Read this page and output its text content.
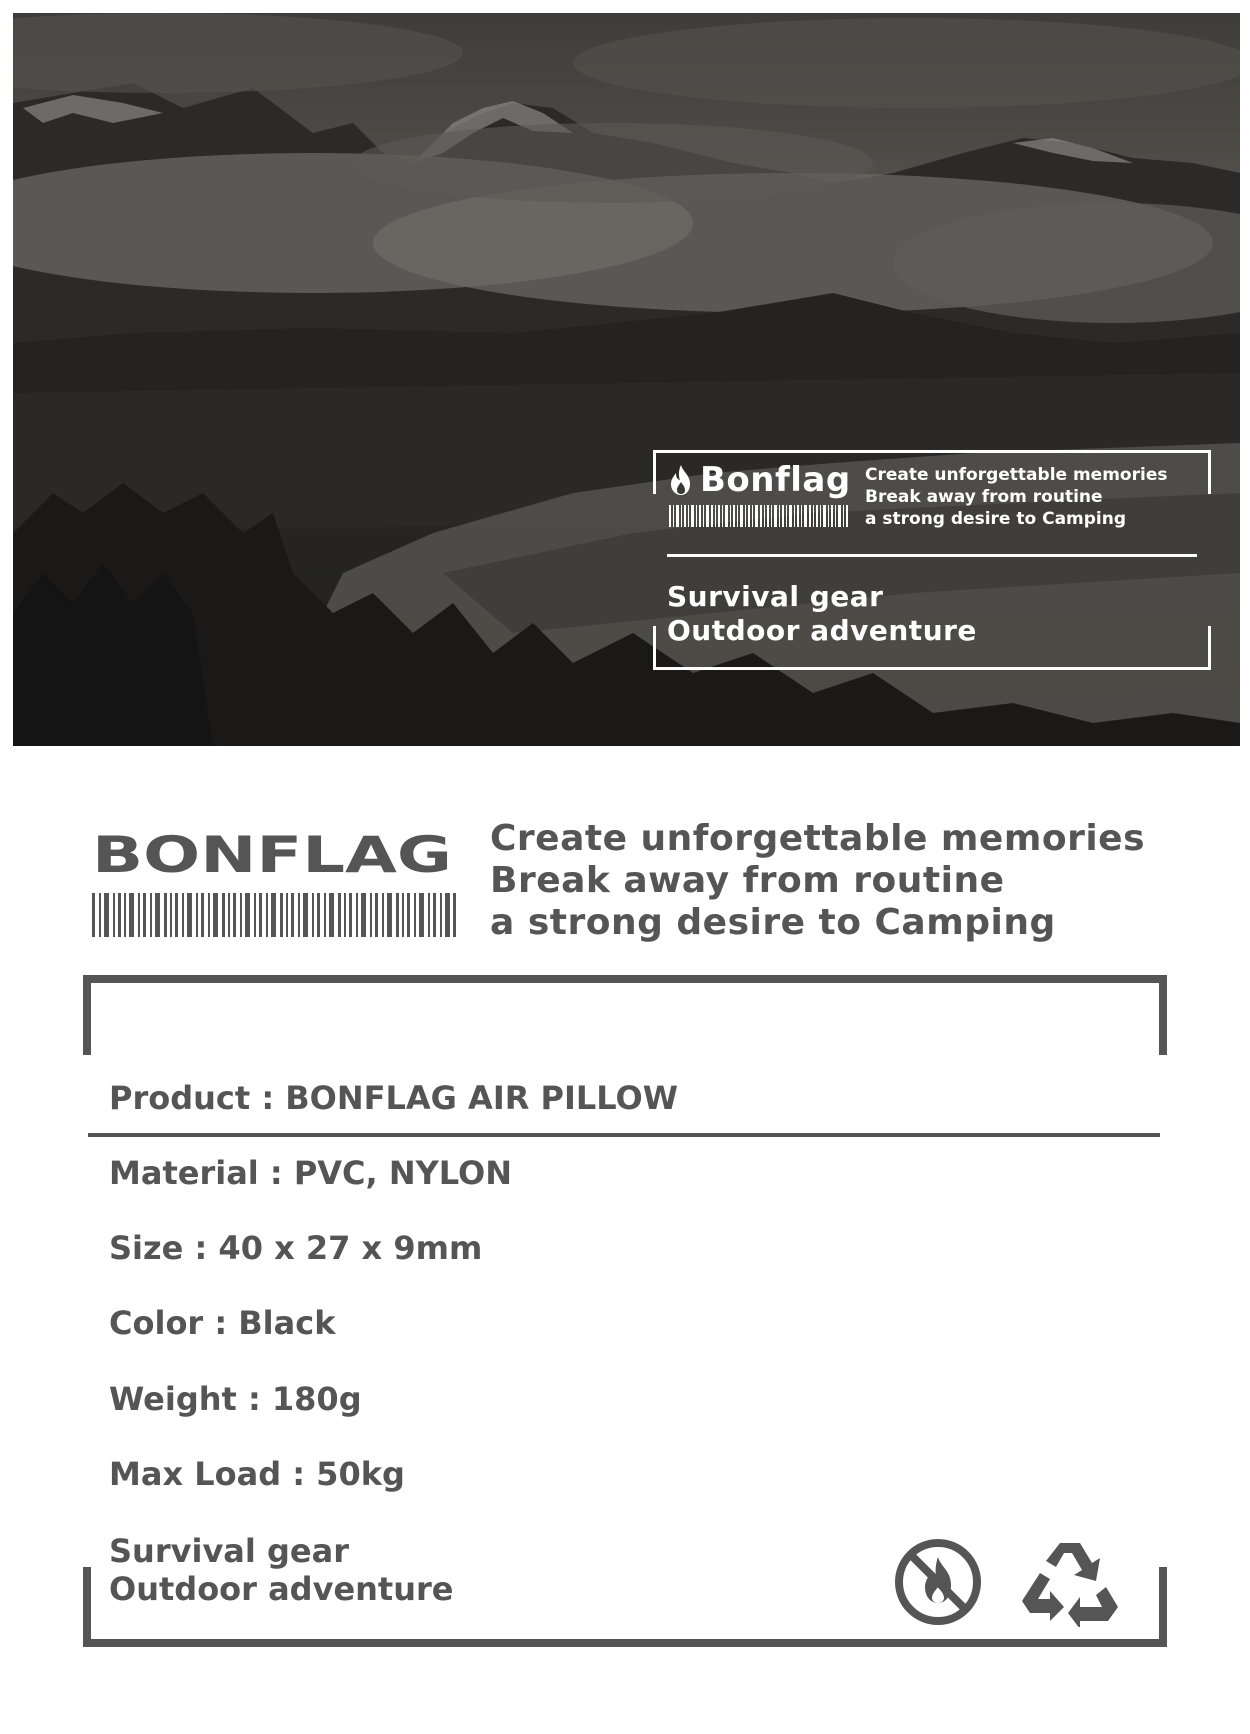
Bonflag Create unforgettable memories
Break away from routine
a strong desire to Camping
Survival gear
Outdoor adventure
BONFLAG Create unforgettable memories
Break away from routine
a strong desire to Camping
Product : BONFLAG AIR PILLOW
Material : PVC, NYLON
Size : 40 x 27 x 9mm
Color : Black
Weight : 180g
Max Load : 50kg
Survival gear
Outdoor adventure
